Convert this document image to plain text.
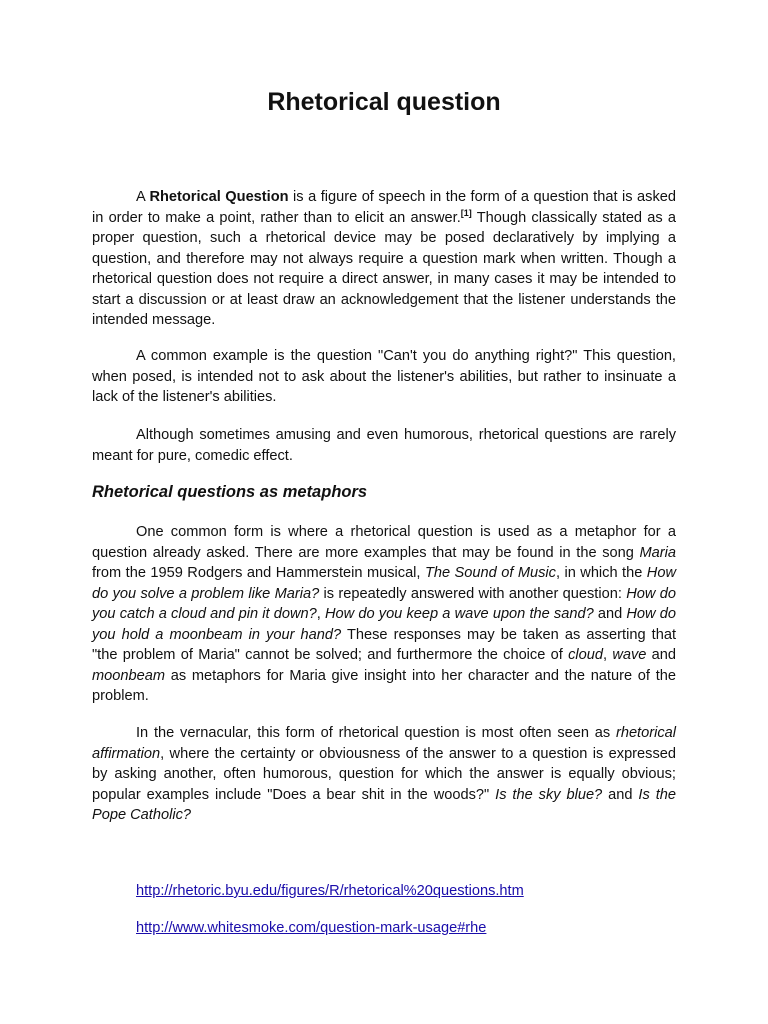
Rhetorical question

A Rhetorical Question is a figure of speech in the form of a question that is asked in order to make a point, rather than to elicit an answer.[1] Though classically stated as a proper question, such a rhetorical device may be posed declaratively by implying a question, and therefore may not always require a question mark when written. Though a rhetorical question does not require a direct answer, in many cases it may be intended to start a discussion or at least draw an acknowledgement that the listener understands the intended message.

A common example is the question "Can't you do anything right?" This question, when posed, is intended not to ask about the listener's abilities, but rather to insinuate a lack of the listener's abilities.

Although sometimes amusing and even humorous, rhetorical questions are rarely meant for pure, comedic effect.

Rhetorical questions as metaphors

One common form is where a rhetorical question is used as a metaphor for a question already asked. There are more examples that may be found in the song Maria from the 1959 Rodgers and Hammerstein musical, The Sound of Music, in which the How do you solve a problem like Maria? is repeatedly answered with another question: How do you catch a cloud and pin it down?, How do you keep a wave upon the sand? and How do you hold a moonbeam in your hand? These responses may be taken as asserting that "the problem of Maria" cannot be solved; and furthermore the choice of cloud, wave and moonbeam as metaphors for Maria give insight into her character and the nature of the problem.

In the vernacular, this form of rhetorical question is most often seen as rhetorical affirmation, where the certainty or obviousness of the answer to a question is expressed by asking another, often humorous, question for which the answer is equally obvious; popular examples include "Does a bear shit in the woods?" Is the sky blue? and Is the Pope Catholic?

http://rhetoric.byu.edu/figures/R/rhetorical%20questions.htm
http://www.whitesmoke.com/question-mark-usage#rhe
